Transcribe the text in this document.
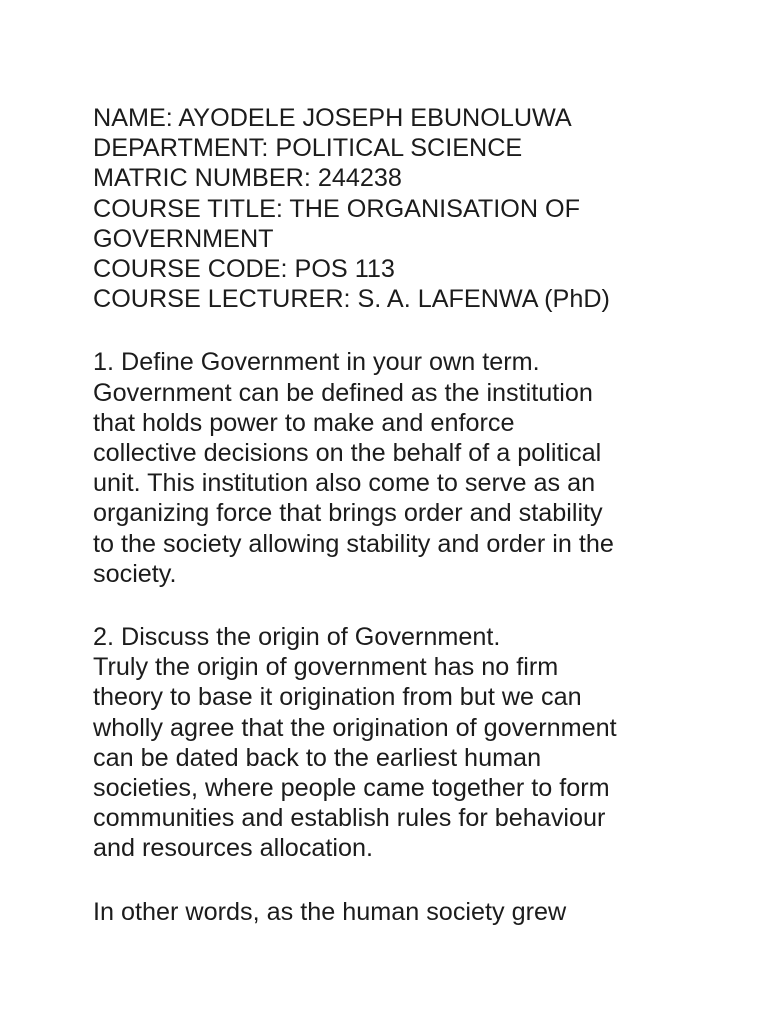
NAME: AYODELE JOSEPH EBUNOLUWA
DEPARTMENT: POLITICAL SCIENCE
MATRIC NUMBER: 244238
COURSE TITLE: THE ORGANISATION OF
GOVERNMENT
COURSE CODE: POS 113
COURSE LECTURER: S. A. LAFENWA (PhD)
1. Define Government in your own term.
Government can be defined as the institution
that holds power to make and enforce
collective decisions on the behalf of a political
unit. This institution also come to serve as an
organizing force that brings order and stability
to the society allowing stability and order in the
society.
2. Discuss the origin of Government.
Truly the origin of government has no firm
theory to base it origination from but we can
wholly agree that the origination of government
can be dated back to the earliest human
societies, where people came together to form
communities and establish rules for behaviour
and resources allocation.
In other words, as the human society grew
